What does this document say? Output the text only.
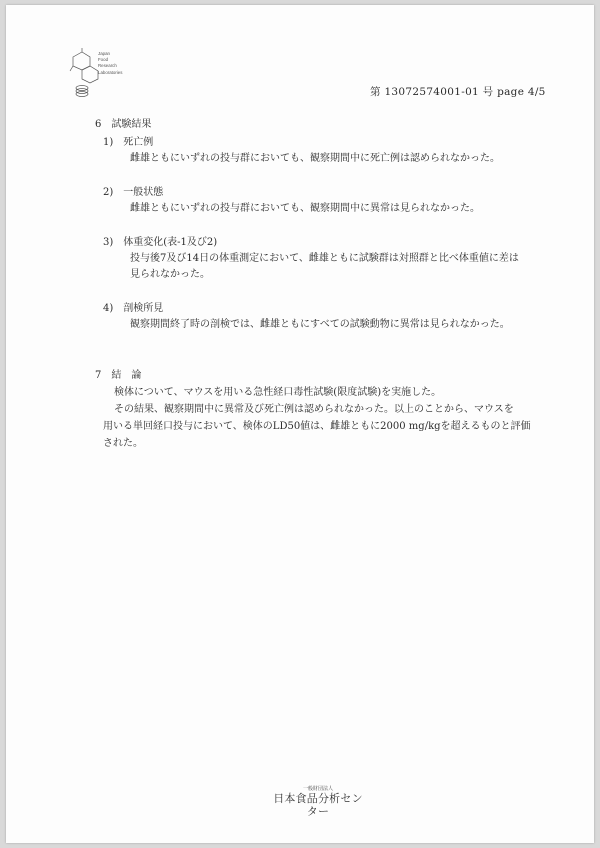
Japan
Food
Research
Laboratories
第 13072574001-01 号 page 4/5
6　試験結果
1)　死亡例
雌雄ともにいずれの投与群においても、観察期間中に死亡例は認められなかった。
2)　一般状態
雌雄ともにいずれの投与群においても、観察期間中に異常は見られなかった。
3)　体重変化(表-1及び2)
投与後7及び14日の体重測定において、雌雄ともに試験群は対照群と比べ体重値に差は
見られなかった。
4)　剖検所見
観察期間終了時の剖検では、雌雄ともにすべての試験動物に異常は見られなかった。
7　結　論
検体について、マウスを用いる急性経口毒性試験(限度試験)を実施した。
その結果、観察期間中に異常及び死亡例は認められなかった。以上のことから、マウスを
用いる単回経口投与において、検体のLD50値は、雌雄ともに2000 mg/kgを超えるものと評価
された。
一般財団法人
日本食品分析センター
